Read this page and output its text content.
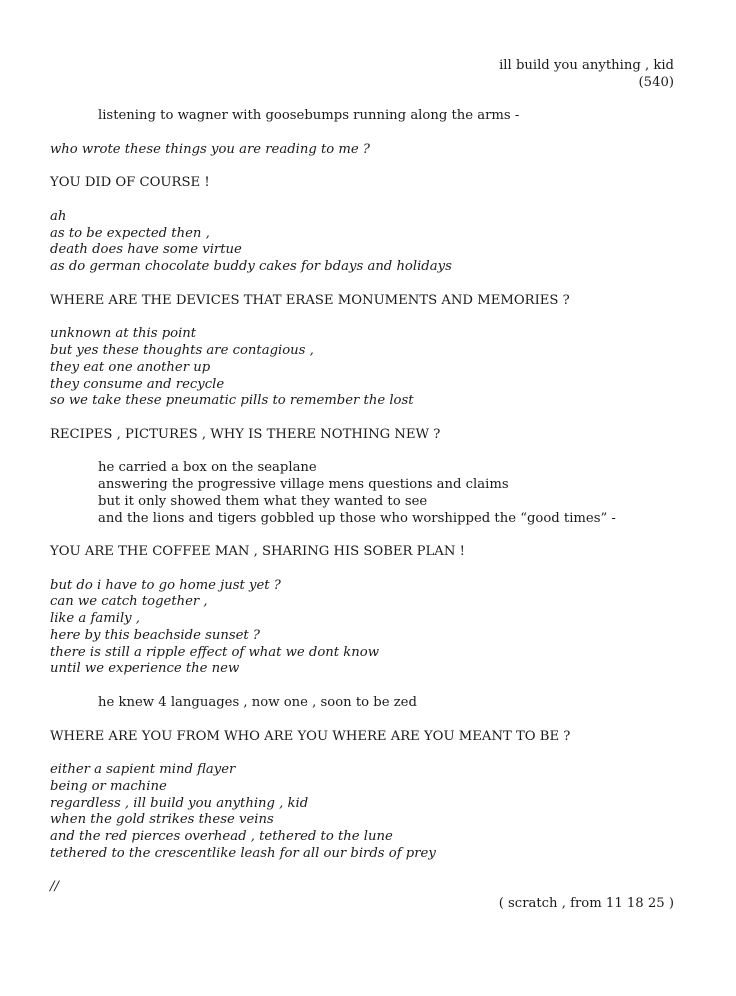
ill build you anything , kid

(540)

listening to wagner with goosebumps running along the arms -

who wrote these things you are reading to me ?

YOU DID OF COURSE !

ah

as to be expected then ,

death does have some virtue

as do german chocolate buddy cakes for bdays and holidays

WHERE ARE THE DEVICES THAT ERASE MONUMENTS AND MEMORIES ?

unknown at this point

but yes these thoughts are contagious ,

they eat one another up

they consume and recycle

so we take these pneumatic pills to remember the lost

RECIPES , PICTURES , WHY IS THERE NOTHING NEW ?

he carried a box on the seaplane

answering the progressive village mens questions and claims

but it only showed them what they wanted to see

and the lions and tigers gobbled up those who worshipped the “good times” -

YOU ARE THE COFFEE MAN , SHARING HIS SOBER PLAN !

but do i have to go home just yet ?

can we catch together ,

like a family ,

here by this beachside sunset ?

there is still a ripple effect of what we dont know

until we experience the new

he knew 4 languages , now one , soon to be zed

WHERE ARE YOU FROM WHO ARE YOU WHERE ARE YOU MEANT TO BE ?

either a sapient mind flayer

being or machine

regardless , ill build you anything , kid

when the gold strikes these veins

and the red pierces overhead , tethered to the lune

tethered to the crescentlike leash for all our birds of prey

//

( scratch , from 11 18 25 )
